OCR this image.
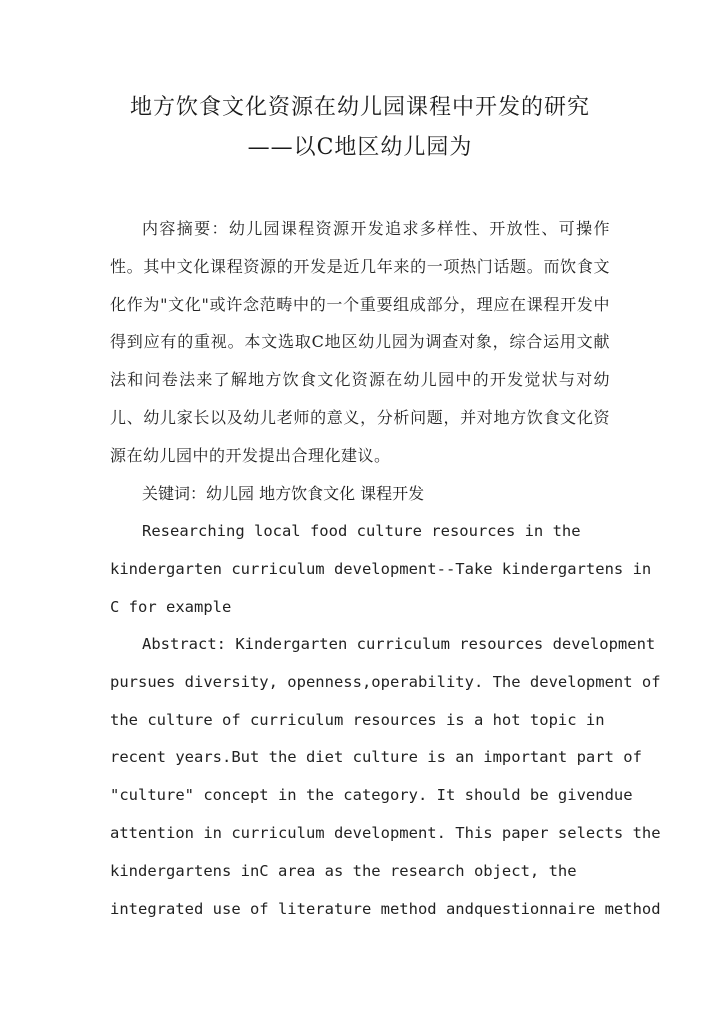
地方饮食文化资源在幼儿园课程中开发的研究
——以C地区幼儿园为

内容摘要：幼儿园课程资源开发追求多样性、开放性、可操作性。其中文化课程资源的开发是近几年来的一项热门话题。而饮食文化作为"文化"或许念范畴中的一个重要组成部分，理应在课程开发中得到应有的重视。本文选取C地区幼儿园为调查对象，综合运用文献法和问卷法来了解地方饮食文化资源在幼儿园中的开发觉状与对幼儿、幼儿家长以及幼儿老师的意义，分析问题，并对地方饮食文化资源在幼儿园中的开发提出合理化建议。

关键词：幼儿园 地方饮食文化 课程开发

Researching local food culture resources in the
kindergarten curriculum development--Take kindergartens in
C for example
Abstract: Kindergarten curriculum resources development
pursues diversity, openness,operability. The development of
the culture of curriculum resources is a hot topic in
recent years.But the diet culture is an important part of
"culture" concept in the category. It should be givendue
attention in curriculum development. This paper selects the
kindergartens inC area as the research object, the
integrated use of literature method andquestionnaire method
